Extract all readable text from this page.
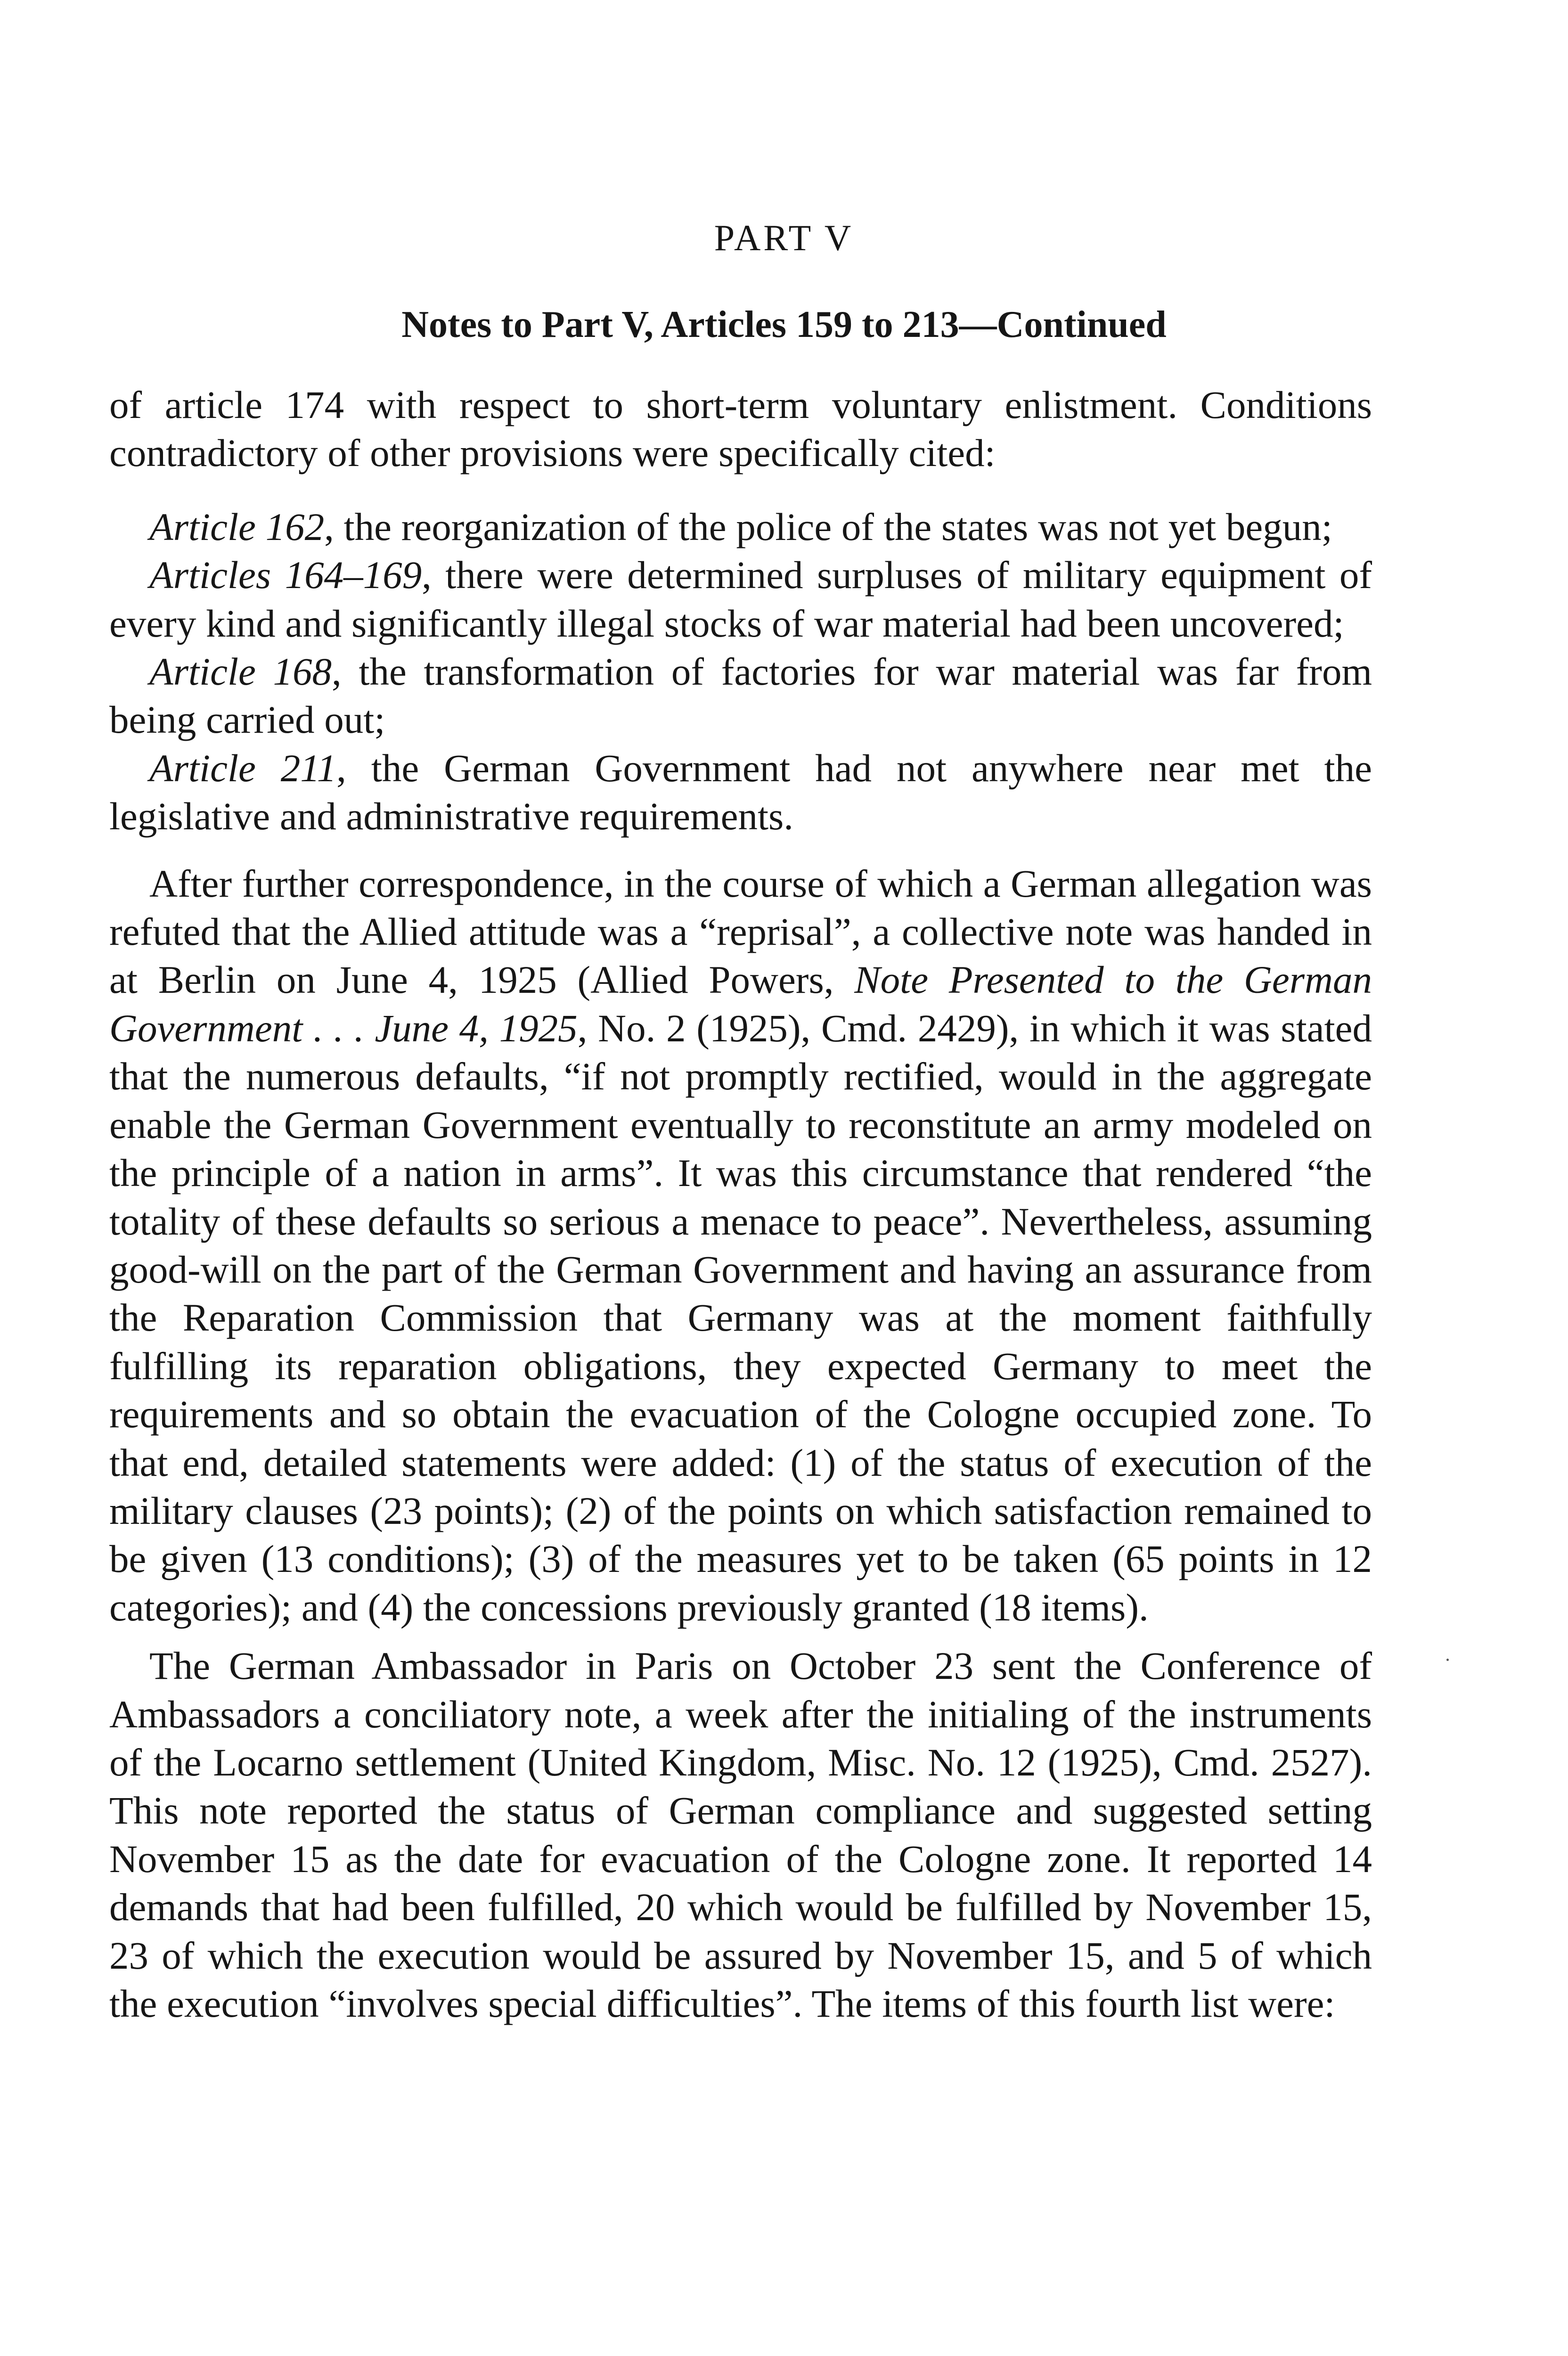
PART V
Notes to Part V, Articles 159 to 213—Continued

of article 174 with respect to short-term voluntary enlistment. Conditions contradictory of other provisions were specifically cited:

Article 162, the reorganization of the police of the states was not yet begun;

Articles 164–169, there were determined surpluses of military equipment of every kind and significantly illegal stocks of war material had been uncovered;

Article 168, the transformation of factories for war material was far from being carried out;

Article 211, the German Government had not anywhere near met the legislative and administrative requirements.

After further correspondence, in the course of which a German allegation was refuted that the Allied attitude was a “reprisal”, a collective note was handed in at Berlin on June 4, 1925 (Allied Powers, Note Presented to the German Government . . . June 4, 1925, No. 2 (1925), Cmd. 2429), in which it was stated that the numerous defaults, “if not promptly rectified, would in the aggregate enable the German Government eventually to reconstitute an army modeled on the principle of a nation in arms”. It was this circumstance that rendered “the totality of these defaults so serious a menace to peace”. Nevertheless, assuming good-will on the part of the German Government and having an assurance from the Reparation Commission that Germany was at the moment faithfully fulfilling its reparation obligations, they expected Germany to meet the requirements and so obtain the evacuation of the Cologne occupied zone. To that end, detailed statements were added: (1) of the status of execution of the military clauses (23 points); (2) of the points on which satisfaction remained to be given (13 conditions); (3) of the measures yet to be taken (65 points in 12 categories); and (4) the concessions previously granted (18 items).

The German Ambassador in Paris on October 23 sent the Conference of Ambassadors a conciliatory note, a week after the initialing of the instruments of the Locarno settlement (United Kingdom, Misc. No. 12 (1925), Cmd. 2527). This note reported the status of German compliance and suggested setting November 15 as the date for evacuation of the Cologne zone. It reported 14 demands that had been fulfilled, 20 which would be fulfilled by November 15, 23 of which the execution would be assured by November 15, and 5 of which the execution “involves special difficulties”. The items of this fourth list were:
